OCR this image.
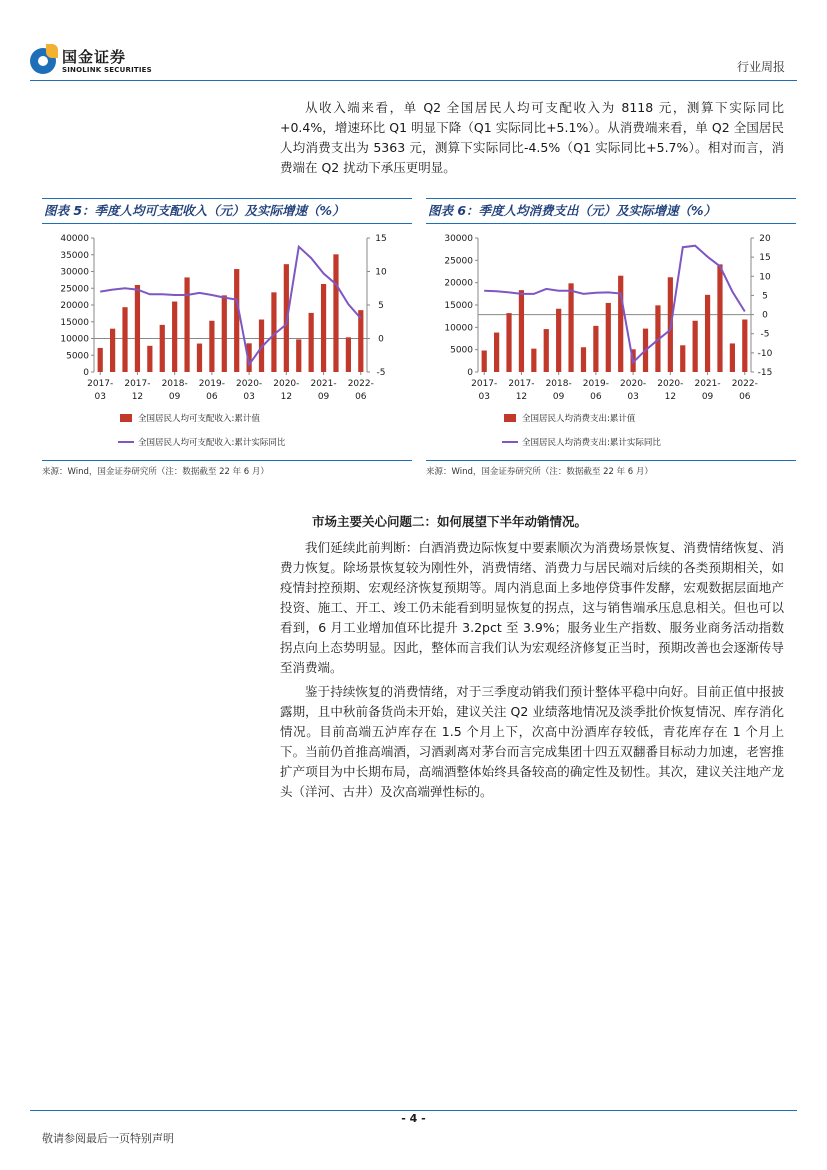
国金证券
SINOLINK SECURITIES	行业周报

从收入端来看，单 Q2 全国居民人均可支配收入为 8118 元，测算下实际同比+0.4%，增速环比 Q1 明显下降（Q1 实际同比+5.1%）。从消费端来看，单 Q2 全国居民人均消费支出为 5363 元，测算下实际同比-4.5%（Q1 实际同比+5.7%）。相对而言，消费端在 Q2 扰动下承压更明显。

图表 5：季度人均可支配收入（元）及实际增速（%）
40000
35000
30000
25000
20000
15000
10000
5000
0
15
10
5
0
-5
2017-
03
2017-
12
2018-
09
2019-
06
2020-
03
2020-
12
2021-
09
2022-
06
全国居民人均可支配收入:累计值
全国居民人均可支配收入:累计实际同比
来源：Wind，国金证券研究所（注：数据截至 22 年 6 月）
图表 6：季度人均消费支出（元）及实际增速（%）
30000
25000
20000
15000
10000
5000
0
20
15
10
5
0
-5
-10
-15
2017-
03
2017-
12
2018-
09
2019-
06
2020-
03
2020-
12
2021-
09
2022-
06
全国居民人均消费支出:累计值
全国居民人均消费支出:累计实际同比
来源：Wind，国金证券研究所（注：数据截至 22 年 6 月）
市场主要关心问题二：如何展望下半年动销情况。

我们延续此前判断：白酒消费边际恢复中要素顺次为消费场景恢复、消费情绪恢复、消费力恢复。除场景恢复较为刚性外，消费情绪、消费力与居民端对后续的各类预期相关，如疫情封控预期、宏观经济恢复预期等。周内消息面上多地停贷事件发酵，宏观数据层面地产投资、施工、开工、竣工仍未能看到明显恢复的拐点，这与销售端承压息息相关。但也可以看到，6 月工业增加值环比提升 3.2pct 至 3.9%；服务业生产指数、服务业商务活动指数拐点向上态势明显。因此，整体而言我们认为宏观经济修复正当时，预期改善也会逐渐传导至消费端。

鉴于持续恢复的消费情绪，对于三季度动销我们预计整体平稳中向好。目前正值中报披露期，且中秋前备货尚未开始，建议关注 Q2 业绩落地情况及淡季批价恢复情况、库存消化情况。目前高端五泸库存在 1.5 个月上下，次高中汾酒库存较低，青花库存在 1 个月上下。当前仍首推高端酒，习酒剥离对茅台而言完成集团十四五双翻番目标动力加速，老窖推扩产项目为中长期布局，高端酒整体始终具备较高的确定性及韧性。其次，建议关注地产龙头（洋河、古井）及次高端弹性标的。

- 4 -
敬请参阅最后一页特别声明
